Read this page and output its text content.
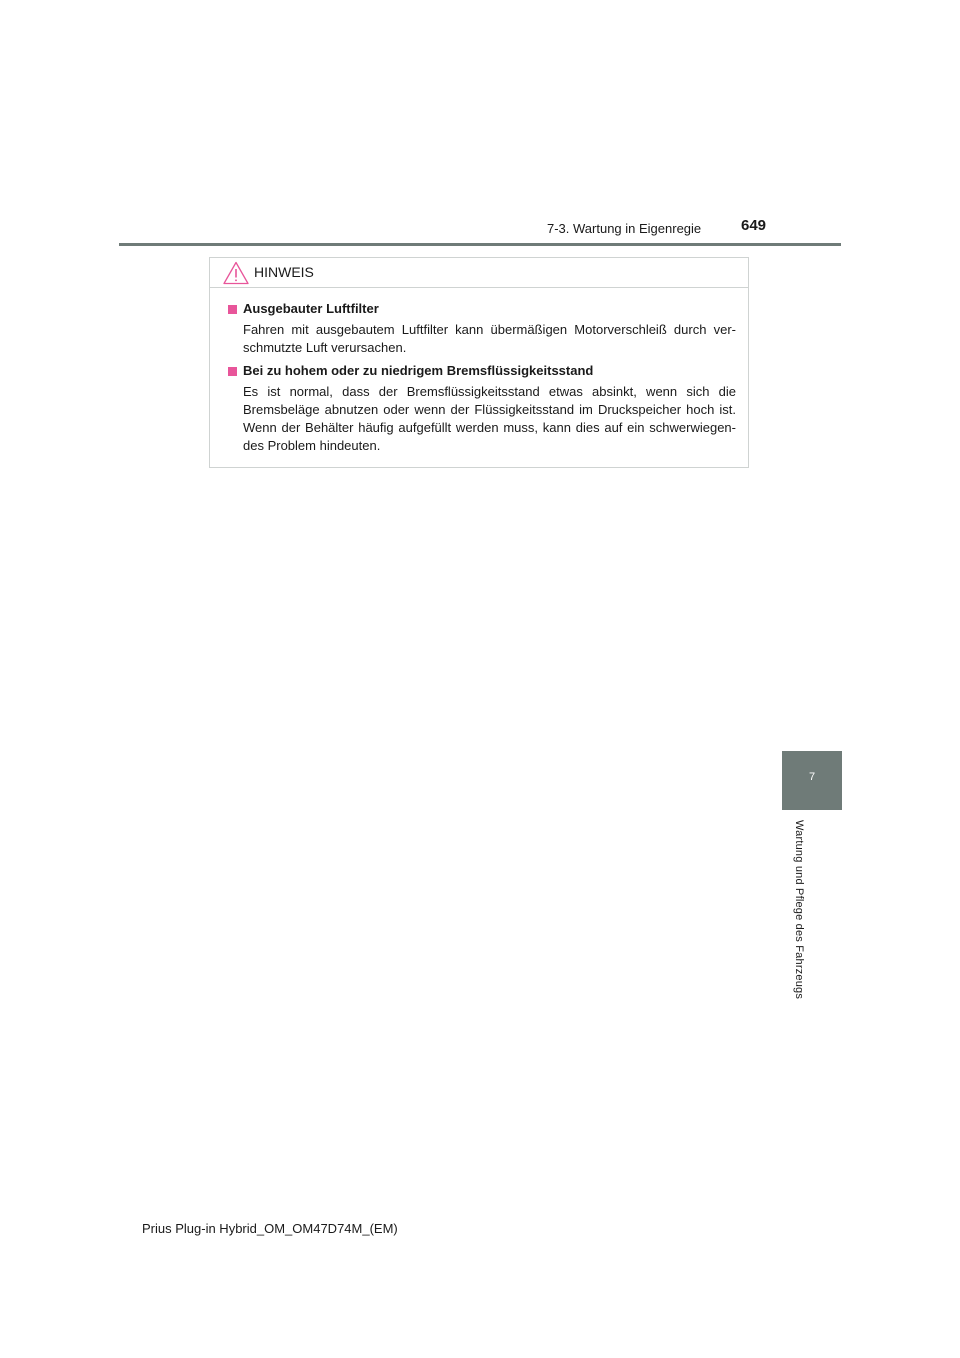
7-3. Wartung in Eigenregie	649
HINWEIS
Ausgebauter Luftfilter

Fahren mit ausgebautem Luftfilter kann übermäßigen Motorverschleiß durch ver-schmutzte Luft verursachen.

Bei zu hohem oder zu niedrigem Bremsflüssigkeitsstand

Es ist normal, dass der Bremsflüssigkeitsstand etwas absinkt, wenn sich die Bremsbeläge abnutzen oder wenn der Flüssigkeitsstand im Druckspeicher hoch ist. Wenn der Behälter häufig aufgefüllt werden muss, kann dies auf ein schwerwiegen-des Problem hindeuten.

7
Wartung und Pflege des Fahrzeugs
Prius Plug-in Hybrid_OM_OM47D74M_(EM)
